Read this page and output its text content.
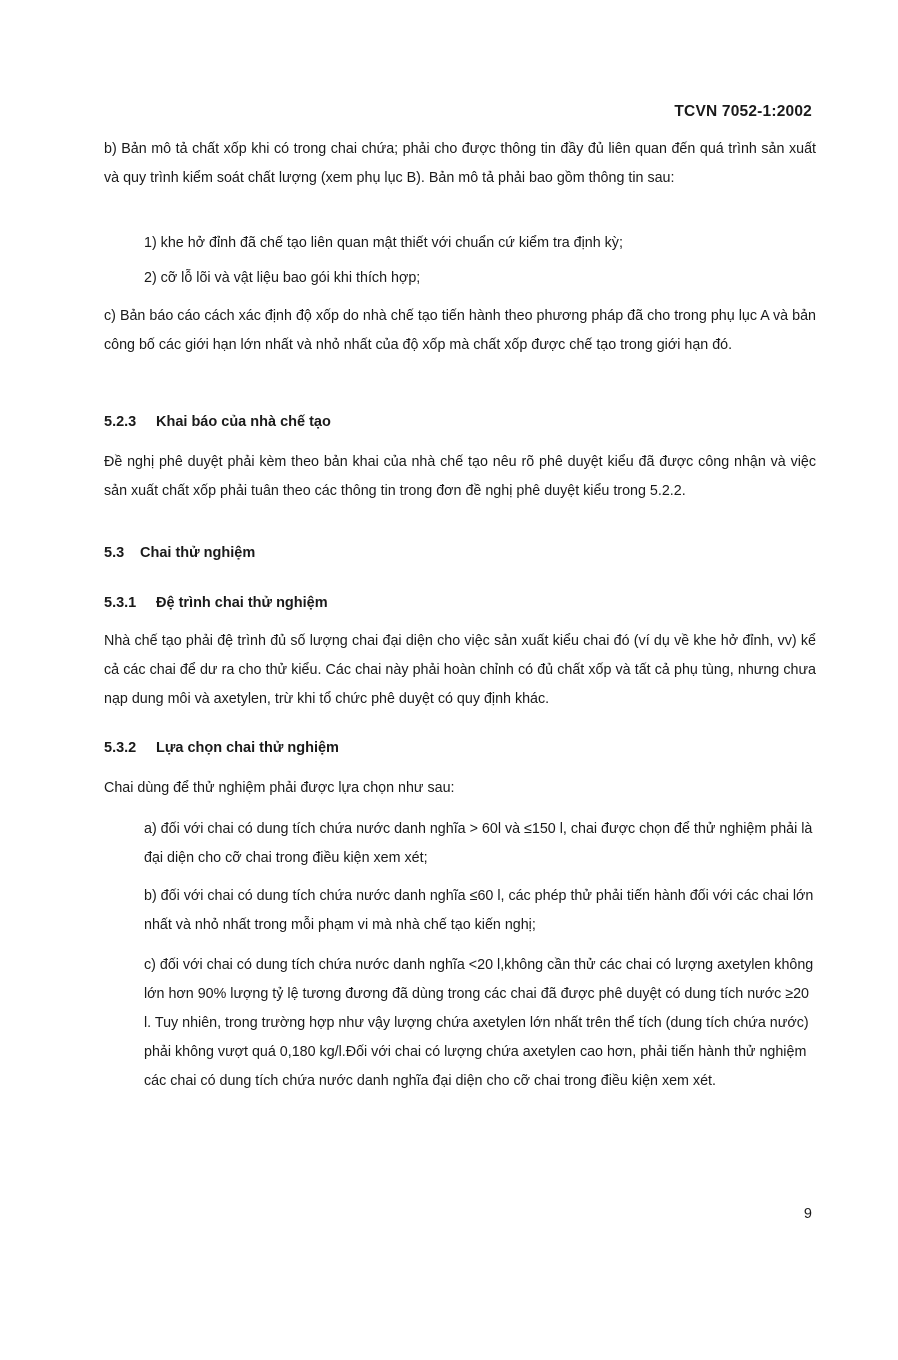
TCVN 7052-1:2002

b) Bản mô tả chất xốp khi có trong chai chứa; phải cho được thông tin đầy đủ liên quan đến quá trình sản xuất và quy trình kiểm soát chất lượng (xem phụ lục B). Bản mô tả phải bao gồm thông tin sau:

1) khe hở đỉnh đã chế tạo liên quan mật thiết với chuẩn cứ kiểm tra định kỳ;

2) cỡ lỗ lõi và vật liệu bao gói khi thích hợp;

c) Bản báo cáo cách xác định độ xốp do nhà chế tạo tiến hành theo phương pháp đã cho trong phụ lục A và bản công bố các giới hạn lớn nhất và nhỏ nhất của độ xốp mà chất xốp được chế tạo trong giới hạn đó.

5.2.3 Khai báo của nhà chế tạo

Đề nghị phê duyệt phải kèm theo bản khai của nhà chế tạo nêu rõ phê duyệt kiểu đã được công nhận và việc sản xuất chất xốp phải tuân theo các thông tin trong đơn đề nghị phê duyệt kiểu trong 5.2.2.

5.3 Chai thử nghiệm
5.3.1 Đệ trình chai thử nghiệm

Nhà chế tạo phải đệ trình đủ số lượng chai đại diện cho việc sản xuất kiểu chai đó (ví dụ về khe hở đỉnh, vv) kể cả các chai để dư ra cho thử kiểu. Các chai này phải hoàn chỉnh có đủ chất xốp và tất cả phụ tùng, nhưng chưa nạp dung môi và axetylen, trừ khi tổ chức phê duyệt có quy định khác.

5.3.2 Lựa chọn chai thử nghiệm

Chai dùng để thử nghiệm phải được lựa chọn như sau:

a) đối với chai có dung tích chứa nước danh nghĩa > 60l và ≤150 l, chai được chọn để thử nghiệm phải là đại diện cho cỡ chai trong điều kiện xem xét;

b) đối với chai có dung tích chứa nước danh nghĩa ≤60 l, các phép thử phải tiến hành đối với các chai lớn nhất và nhỏ nhất trong mỗi phạm vi mà nhà chế tạo kiến nghị;

c) đối với chai có dung tích chứa nước danh nghĩa <20 l,không cần thử các chai có lượng axetylen không lớn hơn 90% lượng tỷ lệ tương đương đã dùng trong các chai đã được phê duyệt có dung tích nước ≥20 l. Tuy nhiên, trong trường hợp như vậy lượng chứa axetylen lớn nhất trên thể tích (dung tích chứa nước) phải không vượt quá 0,180 kg/l.Đối với chai có lượng chứa axetylen cao hơn, phải tiến hành thử nghiệm các chai có dung tích chứa nước danh nghĩa đại diện cho cỡ chai trong điều kiện xem xét.

9
